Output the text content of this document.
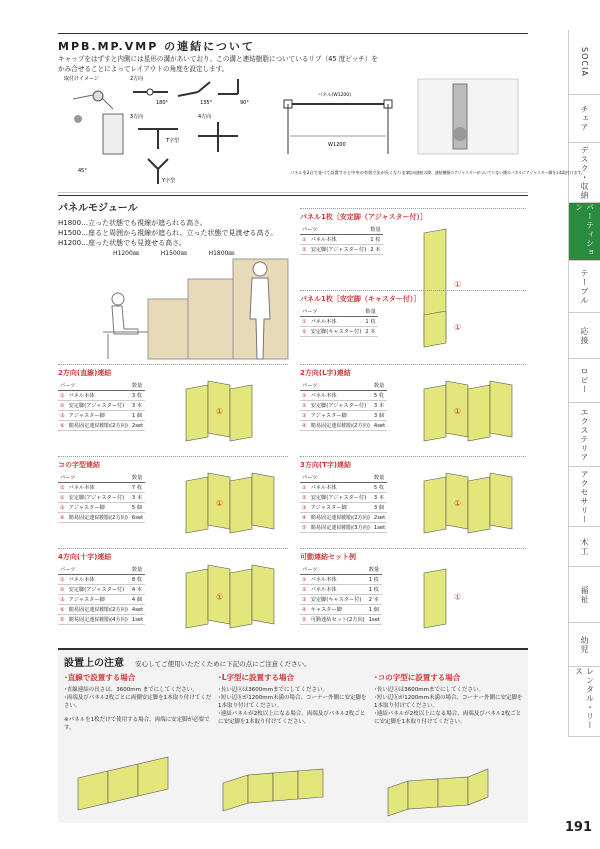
SOCIA
チェア
デスク・収納
パーティション
テーブル
応接
ロビー
エクステリア
アクセサリー
木工
福祉
幼児
レンタル・リース
MPB.MP.VMP の連結について

キャップをはずすと内側には星形の溝があいており、この溝と連結樹脂についているリブ（45 度ピッチ）を

かみ合せることによってレイアウトの角度を設定します。

取付けイメージ	2方向
180°	135°	90°
3方向
T字型
4方向
Y字型
45°
パネル(W1200)
W1200
パネルを2台で並べて設置すると中央の有効寸法が長くなります。
2方向連結の際、連結樹脂のアジャスターがついていない側のパネルにアジャスター脚を1本取付けます。
パネルモジュール
H1800…立った状態でも視線が遮られる高さ。
H1500…座ると周囲から視線が遮られ、立った状態で見渡せる高さ。
H1200…座った状態でも見渡せる高さ。
H1200㎜	H1500㎜	H1800㎜
パネル1枚［安定脚（アジャスター付）］
パーツ		数量
①	パネル本体	1 枚
②	安定脚(アジャスター付)	2 本
①
パネル1枚［安定脚（キャスター付）］
パーツ		数量
①	パネル本体	1 枚
②	安定脚(キャスター付)	2 本	①
2方向(直線)連結
パーツ		数量
①	パネル本体	3 枚
②	安定脚(アジャスター付)	3 本
③	アジャスター脚	1 個
④	簡易固定連結樹脂(2方向)	2set
①
2方向(L字)連結
パーツ		数量
①	パネル本体	5 枚
②	安定脚(アジャスター付)	3 本
③	アジャスター脚	3 個
④	簡易固定連結樹脂(2方向)	4set
①
コの字型連結
パーツ		数量
①	パネル本体	7 枚
②	安定脚(アジャスター付)	3 本
③	アジャスター脚	5 個
④	簡易固定連結樹脂(2方向)	6set
①
3方向(T字)連結
パーツ		数量
①	パネル本体	5 枚
②	安定脚(アジャスター付)	3 本
③	アジャスター脚	3 個
④	簡易固定連結樹脂(2方向)	2set
⑤	簡易固定連結樹脂(3方向)	1set
①
4方向(十字)連結
パーツ		数量
①	パネル本体	8 枚
②	安定脚(アジャスター付)	4 本
③	アジャスター脚	4 個
④	簡易固定連結樹脂(2方向)	4set
⑤	簡易固定連結樹脂(4方向)	1set
①
可動連結セット例
パーツ		数量
①	パネル本体	1 枚
②	パネル本体	1 枚
③	安定脚(キャスター付)	2 本
④	キャスター脚	1 個
⑤	可動連結セット(2方向)	1set
①
設置上の注意 安心してご使用いただくために下記の点にご注意ください。
･直線で設置する場合

･直線連結の長さは、3600mm までにしてください。

･両端及びパネル2枚ごとに両側安定脚を1本取り付けてください。

※パネルを1枚だけで使用する場合、両端に安定脚が必要です。

･L字型に設置する場合

･長い辺ⓐは3600mmまでにしてください。

･短い辺ⓑが1200mm未満の場合、コーナー外側に安定脚を1本取り付けてください。

･連結パネルが2枚以上になる場合、両端及びパネル2枚ごとに安定脚を1本取り付けてください。

･コの字型に設置する場合

･長い辺ⓐは3600mmまでにしてください。

･短い辺ⓑが1200mm未満の場合、コーナー外側に安定脚を1本取り付けてください。

･連結パネルが2枚以上になる場合、両端及びパネル2枚ごとに安定脚を1本取り付けてください。

191
